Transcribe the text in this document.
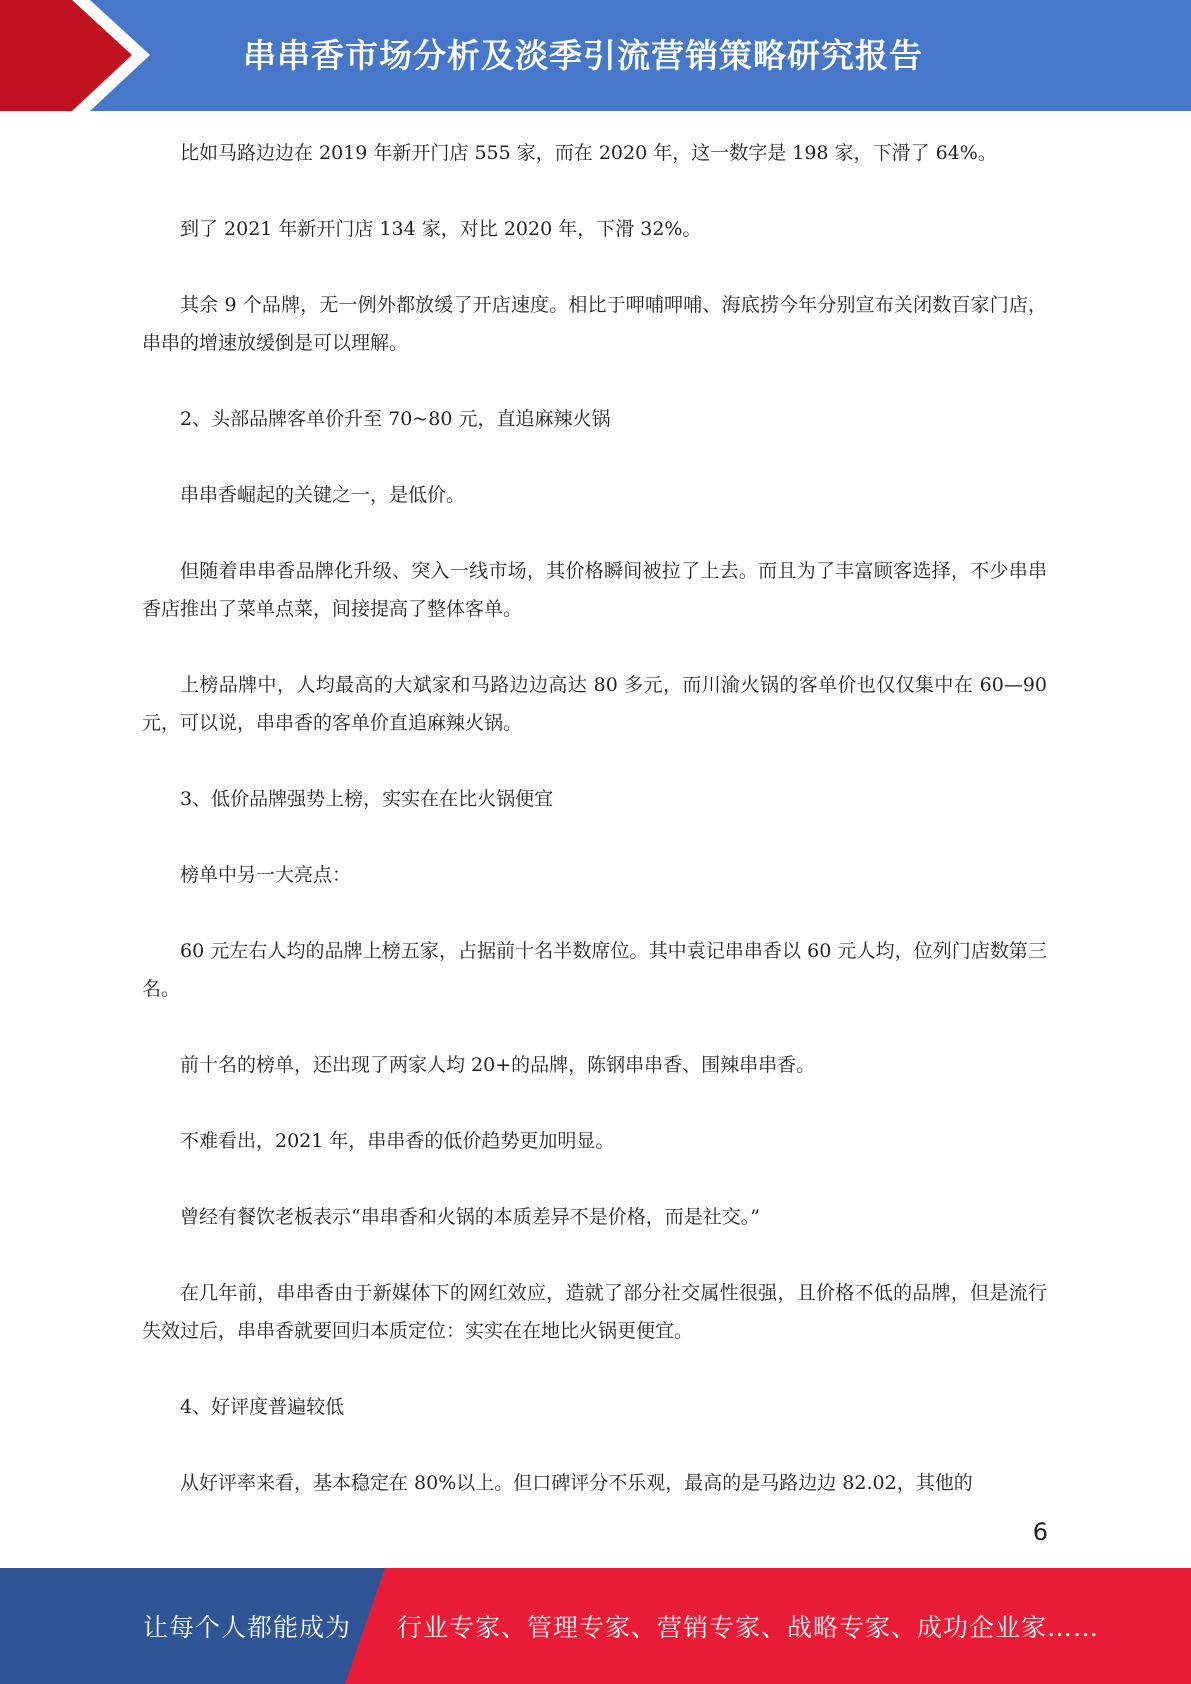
串串香市场分析及淡季引流营销策略研究报告

比如马路边边在 2019 年新开门店 555 家，而在 2020 年，这一数字是 198 家，下滑了 64%。

到了 2021 年新开门店 134 家，对比 2020 年，下滑 32%。

其余 9 个品牌，无一例外都放缓了开店速度。相比于呷哺呷哺、海底捞今年分别宣布关闭数百家门店，串串的增速放缓倒是可以理解。

2、头部品牌客单价升至 70~80 元，直追麻辣火锅

串串香崛起的关键之一，是低价。

但随着串串香品牌化升级、突入一线市场，其价格瞬间被拉了上去。而且为了丰富顾客选择，不少串串香店推出了菜单点菜，间接提高了整体客单。

上榜品牌中，人均最高的大斌家和马路边边高达 80 多元，而川渝火锅的客单价也仅仅集中在 60—90 元，可以说，串串香的客单价直追麻辣火锅。

3、低价品牌强势上榜，实实在在比火锅便宜

榜单中另一大亮点：

60 元左右人均的品牌上榜五家，占据前十名半数席位。其中袁记串串香以 60 元人均，位列门店数第三名。

前十名的榜单，还出现了两家人均 20+的品牌，陈钢串串香、围辣串串香。

不难看出，2021 年，串串香的低价趋势更加明显。

曾经有餐饮老板表示“串串香和火锅的本质差异不是价格，而是社交。”

在几年前，串串香由于新媒体下的网红效应，造就了部分社交属性很强，且价格不低的品牌，但是流行失效过后，串串香就要回归本质定位：实实在在地比火锅更便宜。

4、好评度普遍较低

从好评率来看，基本稳定在 80%以上。但口碑评分不乐观，最高的是马路边边 82.02，其他的

6
让每个人都能成为 行业专家、管理专家、营销专家、战略专家、成功企业家……
